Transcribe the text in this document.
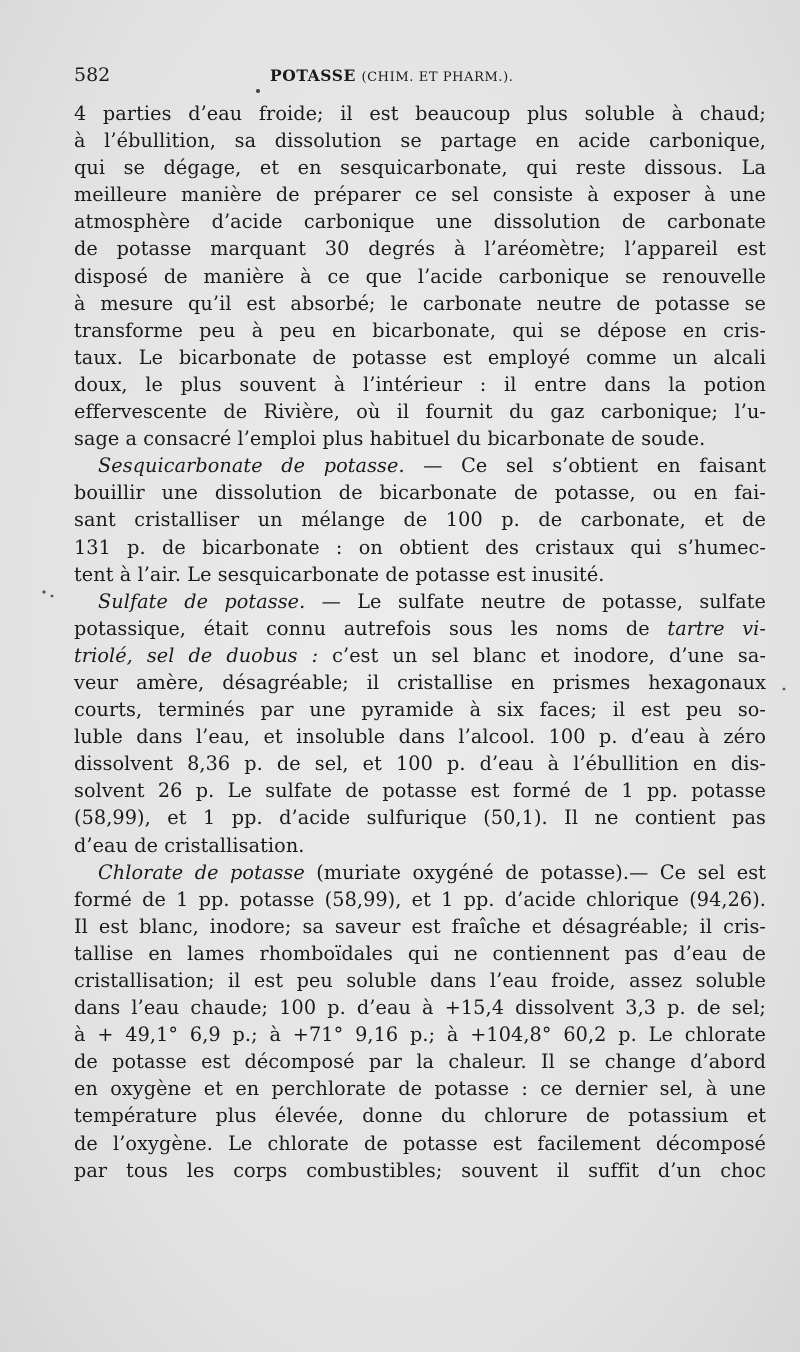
582	POTASSE (CHIM. ET PHARM.).
4 parties d’eau froide; il est beaucoup plus soluble à chaud;
à l’ébullition, sa dissolution se partage en acide carbonique,
qui se dégage, et en sesquicarbonate, qui reste dissous. La
meilleure manière de préparer ce sel consiste à exposer à une
atmosphère d’acide carbonique une dissolution de carbonate
de potasse marquant 30 degrés à l’aréomètre; l’appareil est
disposé de manière à ce que l’acide carbonique se renouvelle
à mesure qu’il est absorbé; le carbonate neutre de potasse se
transforme peu à peu en bicarbonate, qui se dépose en cris-
taux. Le bicarbonate de potasse est employé comme un alcali
doux, le plus souvent à l’intérieur : il entre dans la potion
effervescente de Rivière, où il fournit du gaz carbonique; l’u-
sage a consacré l’emploi plus habituel du bicarbonate de soude.
Sesquicarbonate de potasse. — Ce sel s’obtient en faisant
bouillir une dissolution de bicarbonate de potasse, ou en fai-
sant cristalliser un mélange de 100 p. de carbonate, et de
131 p. de bicarbonate : on obtient des cristaux qui s’humec-
tent à l’air. Le sesquicarbonate de potasse est inusité.
Sulfate de potasse. — Le sulfate neutre de potasse, sulfate
potassique, était connu autrefois sous les noms de tartre vi-
triolé, sel de duobus : c’est un sel blanc et inodore, d’une sa-
veur amère, désagréable; il cristallise en prismes hexagonaux
courts, terminés par une pyramide à six faces; il est peu so-
luble dans l’eau, et insoluble dans l’alcool. 100 p. d’eau à zéro
dissolvent 8,36 p. de sel, et 100 p. d’eau à l’ébullition en dis-
solvent 26 p. Le sulfate de potasse est formé de 1 pp. potasse
(58,99), et 1 pp. d’acide sulfurique (50,1). Il ne contient pas
d’eau de cristallisation.
Chlorate de potasse (muriate oxygéné de potasse).— Ce sel est
formé de 1 pp. potasse (58,99), et 1 pp. d’acide chlorique (94,26).
Il est blanc, inodore; sa saveur est fraîche et désagréable; il cris-
tallise en lames rhomboïdales qui ne contiennent pas d’eau de
cristallisation; il est peu soluble dans l’eau froide, assez soluble
dans l’eau chaude; 100 p. d’eau à +15,4 dissolvent 3,3 p. de sel;
à + 49,1° 6,9 p.; à +71° 9,16 p.; à +104,8° 60,2 p. Le chlorate
de potasse est décomposé par la chaleur. Il se change d’abord
en oxygène et en perchlorate de potasse : ce dernier sel, à une
température plus élevée, donne du chlorure de potassium et
de l’oxygène. Le chlorate de potasse est facilement décomposé
par tous les corps combustibles; souvent il suffit d’un choc
